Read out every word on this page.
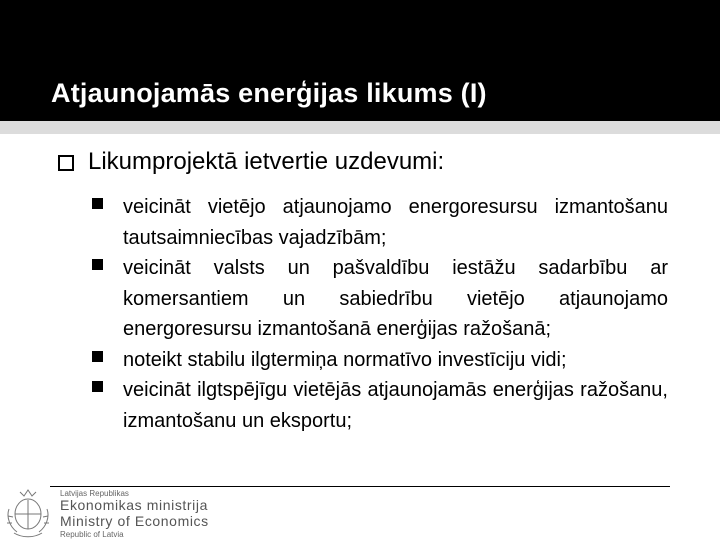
Atjaunojamās enerģijas likums (I)
Likumprojektā ietvertie uzdevumi:
veicināt vietējo atjaunojamo energoresursu izmantošanu tautsaimniecības vajadzībām;
veicināt valsts un pašvaldību iestāžu sadarbību ar komersantiem un sabiedrību vietējo atjaunojamo energoresursu izmantošanā enerģijas ražošanā;
noteikt stabilu ilgtermiņa normatīvo investīciju vidi;
veicināt ilgtspējīgu vietējās atjaunojamās enerģijas ražošanu, izmantošanu un eksportu;
Latvijas Republikas
Ekonomikas ministrija
Ministry of Economics
Republic of Latvia
